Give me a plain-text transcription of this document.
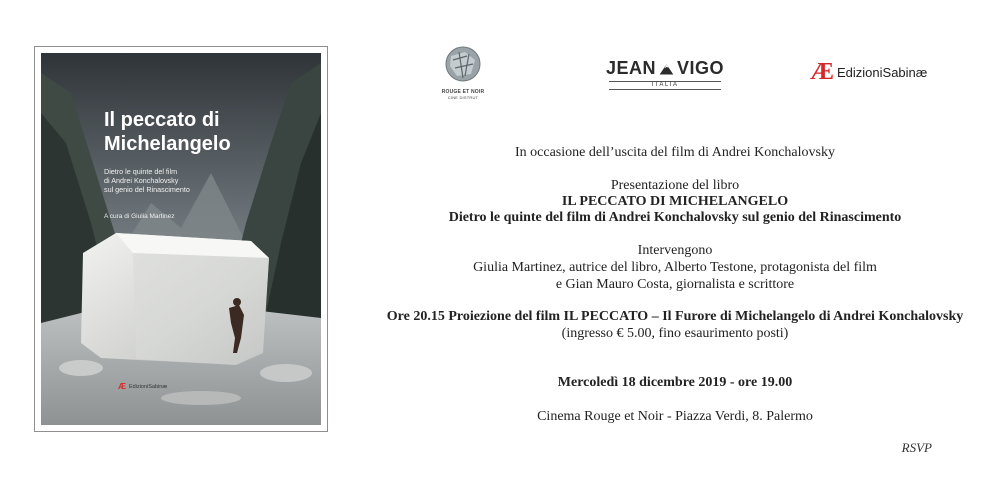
Il peccato di
Michelangelo
Dietro le quinte del film
di Andrei Konchalovsky
sul genio del Rinascimento
A cura di Giulia Martinez
Æ EdizioniSabinæ
ROUGE ET NOIR
CINE DISTRUT
JEAN VIGO
ITALIA	Æ EdizioniSabinæ
In occasione dell’uscita del film di Andrei Konchalovsky
Presentazione del libro
IL PECCATO DI MICHELANGELO
Dietro le quinte del film di Andrei Konchalovsky sul genio del Rinascimento
Intervengono
Giulia Martinez, autrice del libro, Alberto Testone, protagonista del film
e Gian Mauro Costa, giornalista e scrittore
Ore 20.15 Proiezione del film IL PECCATO – Il Furore di Michelangelo di Andrei Konchalovsky
(ingresso € 5.00, fino esaurimento posti)
Mercoledì 18 dicembre 2019 - ore 19.00
Cinema Rouge et Noir - Piazza Verdi, 8. Palermo
RSVP
